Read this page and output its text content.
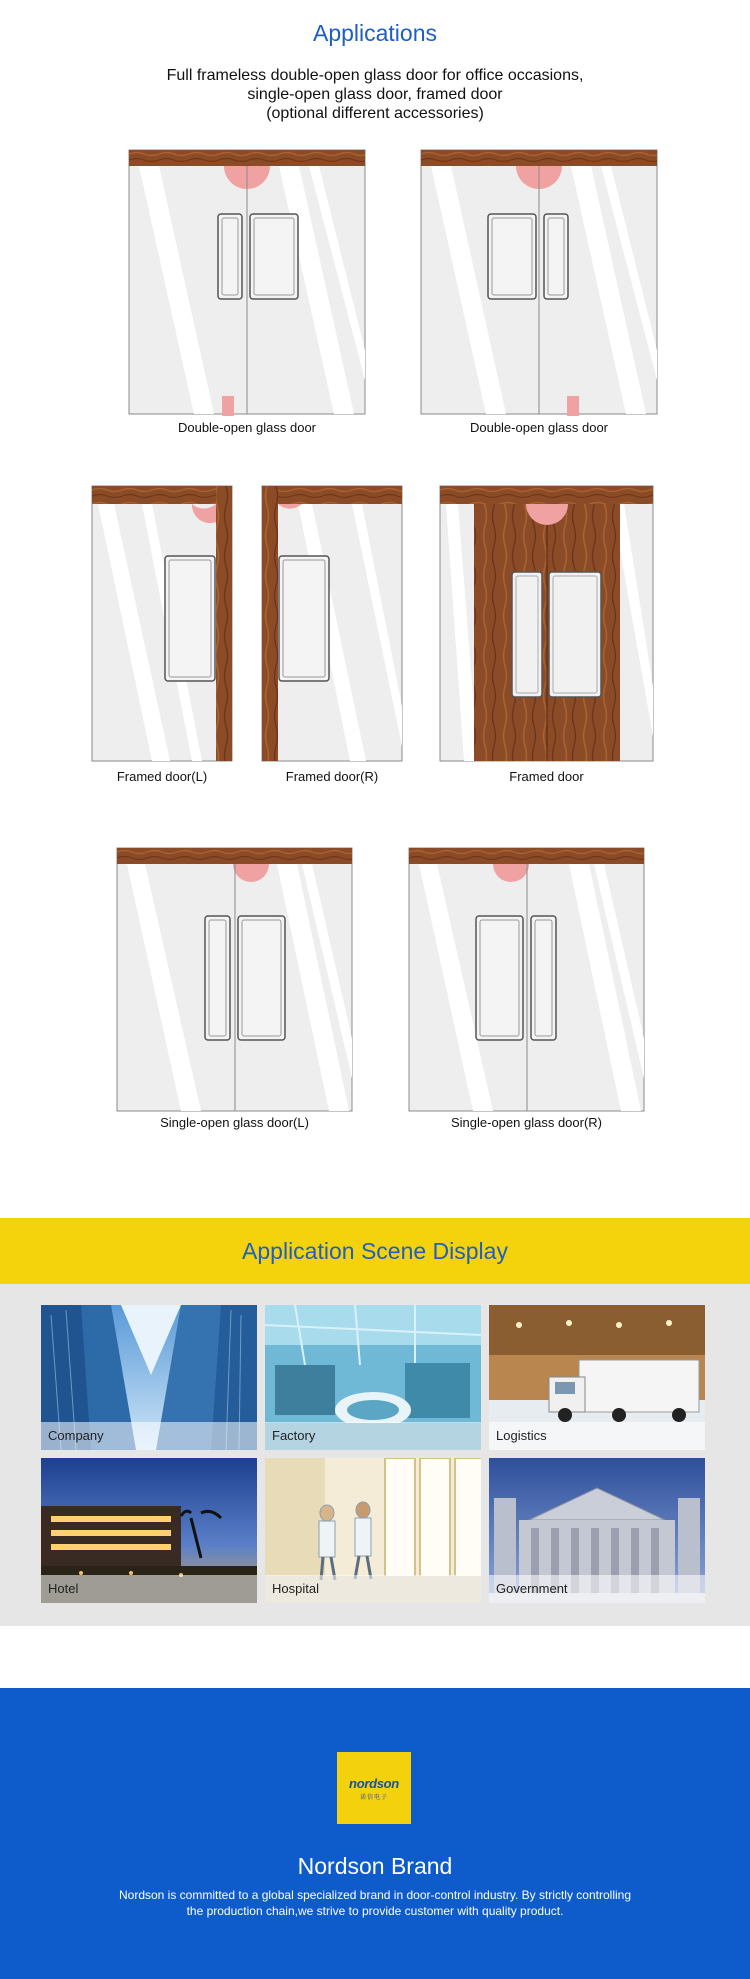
Applications
Full frameless double-open glass door for office occasions,
single-open glass door, framed door
(optional different accessories)
Double-open glass door	Double-open glass door
Framed door(L)	Framed door(R)	Framed door
Single-open glass door(L)	Single-open glass door(R)
Application Scene Display
Company	Factory	Logistics
Hotel	Hospital	Government
nordson
诺信电子
Nordson Brand
Nordson is committed to a global specialized brand in door-control industry. By strictly controlling
the production chain,we strive to provide customer with quality product.
